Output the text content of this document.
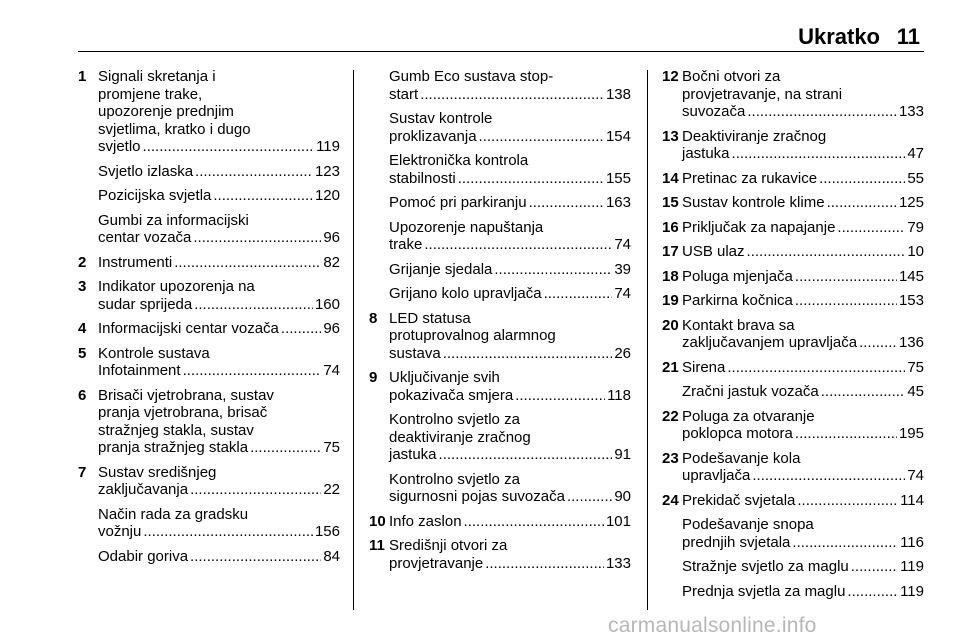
Ukratko 11
1 Signali skretanja i
promjene trake,
upozorenje prednjim
svjetlima, kratko i dugo
svjetlo .....	119
Svjetlo izlaska .....	123
Pozicijska svjetla .....	120
Gumbi za informacijski
centar vozača .....	96
2 Instrumenti .....	82
3 Indikator upozorenja na
sudar sprijeda .....	160
4 Informacijski centar vozača .....	96
5 Kontrole sustava
Infotainment .....	74
6 Brisači vjetrobrana, sustav
pranja vjetrobrana, brisač
stražnjeg stakla, sustav
pranja stražnjeg stakla .....	75
7 Sustav središnjeg
zaključavanja .....	22
Način rada za gradsku
vožnju .....	156
Odabir goriva .....	84
Gumb Eco sustava stop-
start .....	138
Sustav kontrole
proklizavanja .....	154
Elektronička kontrola
stabilnosti .....	155
Pomoć pri parkiranju .....	163
Upozorenje napuštanja
trake .....	74
Grijanje sjedala .....	39
Grijano kolo upravljača .....	74
8 LED statusa
protuprovalnog alarmnog
sustava .....	26
9 Uključivanje svih
pokazivača smjera .....	118
Kontrolno svjetlo za
deaktiviranje zračnog
jastuka .....	91
Kontrolno svjetlo za
sigurnosni pojas suvozača .....	90
10 Info zaslon .....	101
11 Središnji otvori za
provjetravanje .....	133
12 Bočni otvori za
provjetravanje, na strani
suvozača .....	133
13 Deaktiviranje zračnog
jastuka .....	47
14 Pretinac za rukavice .....	55
15 Sustav kontrole klime .....	125
16 Priključak za napajanje .....	79
17 USB ulaz .....	10
18 Poluga mjenjača .....	145
19 Parkirna kočnica .....	153
20 Kontakt brava sa
zaključavanjem upravljača .....	136
21 Sirena .....	75
Zračni jastuk vozača .....	45
22 Poluga za otvaranje
poklopca motora .....	195
23 Podešavanje kola
upravljača .....	74
24 Prekidač svjetala .....	114
Podešavanje snopa
prednjih svjetala .....	116
Stražnje svjetlo za maglu .....	119
Prednja svjetla za maglu .....	119
carmanualsonline.info
